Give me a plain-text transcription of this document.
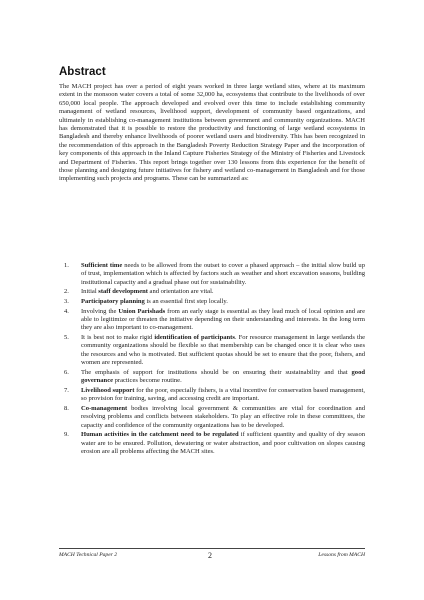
Abstract

The MACH project has over a period of eight years worked in three large wetland sites, where at its maximum extent in the monsoon water covers a total of some 32,000 ha, ecosystems that contribute to the livelihoods of over 650,000 local people. The approach developed and evolved over this time to include establishing community management of wetland resources, livelihood support, development of community based organizations, and ultimately in establishing co-management institutions between government and community organizations. MACH has demonstrated that it is possible to restore the productivity and functioning of large wetland ecosystems in Bangladesh and thereby enhance livelihoods of poorer wetland users and biodiversity. This has been recognized in the recommendation of this approach in the Bangladesh Poverty Reduction Strategy Paper and the incorporation of key components of this approach in the Inland Capture Fisheries Strategy of the Ministry of Fisheries and Livestock and Department of Fisheries. This report brings together over 130 lessons from this experience for the benefit of those planning and designing future initiatives for fishery and wetland co-management in Bangladesh and for those implementing such projects and programs. These can be summarized as:

1. Sufficient time needs to be allowed from the outset to cover a phased approach – the initial slow build up of trust, implementation which is affected by factors such as weather and short excavation seasons, building institutional capacity and a gradual phase out for sustainability.
2. Initial staff development and orientation are vital.
3. Participatory planning is an essential first step locally.
4. Involving the Union Parishads from an early stage is essential as they lead much of local opinion and are able to legitimize or threaten the initiative depending on their understanding and interests. In the long term they are also important to co-management.
5. It is best not to make rigid identification of participants. For resource management in large wetlands the community organizations should be flexible so that membership can be changed once it is clear who uses the resources and who is motivated. But sufficient quotas should be set to ensure that the poor, fishers, and women are represented.
6. The emphasis of support for institutions should be on ensuring their sustainability and that good governance practices become routine.
7. Livelihood support for the poor, especially fishers, is a vital incentive for conservation based management, so provision for training, saving, and accessing credit are important.
8. Co-management bodies involving local government & communities are vital for coordination and resolving problems and conflicts between stakeholders. To play an effective role in these committees, the capacity and confidence of the community organizations has to be developed.
9. Human activities in the catchment need to be regulated if sufficient quantity and quality of dry season water are to be ensured. Pollution, dewatering or water abstraction, and poor cultivation on slopes causing erosion are all problems affecting the MACH sites.
MACH Technical Paper 2	2	Lessons from MACH
